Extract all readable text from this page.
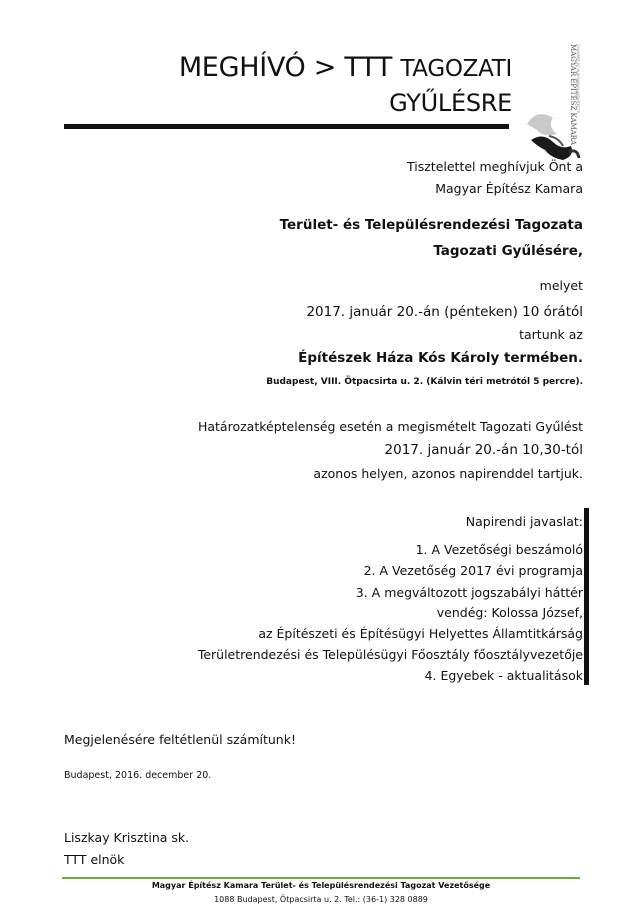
MEGHÍVÓ > TTT TAGOZATI
GYŰLÉSRE	MAGYAR ÉPÍTÉSZ KAMARA CHAMBER OF HUNGARIAN ARCHITECTS
Tisztelettel meghívjuk Önt a
Magyar Építész Kamara
Terület- és Településrendezési Tagozata
Tagozati Gyűlésére,
melyet
2017. január 20.-án (pénteken) 10 órától
tartunk az
Építészek Háza Kós Károly termében.
Budapest, VIII. Ötpacsirta u. 2. (Kálvin téri metrótól 5 percre).
Határozatképtelenség esetén a megismételt Tagozati Gyűlést
2017. január 20.-án 10,30-tól
azonos helyen, azonos napirenddel tartjuk.
Napirendi javaslat:
1. A Vezetőségi beszámoló
2. A Vezetőség 2017 évi programja
3. A megváltozott jogszabályi háttér
vendég: Kolossa József,
az Építészeti és Építésügyi Helyettes Államtitkárság
Területrendezési és Településügyi Főosztály főosztályvezetője
4. Egyebek - aktualitások
Megjelenésére feltétlenül számítunk!
Budapest, 2016. december 20.
Liszkay Krisztina sk.
TTT elnök
Magyar Építész Kamara Terület- és Településrendezési Tagozat Vezetősége
1088 Budapest, Ötpacsirta u. 2. Tel.: (36-1) 328 0889
